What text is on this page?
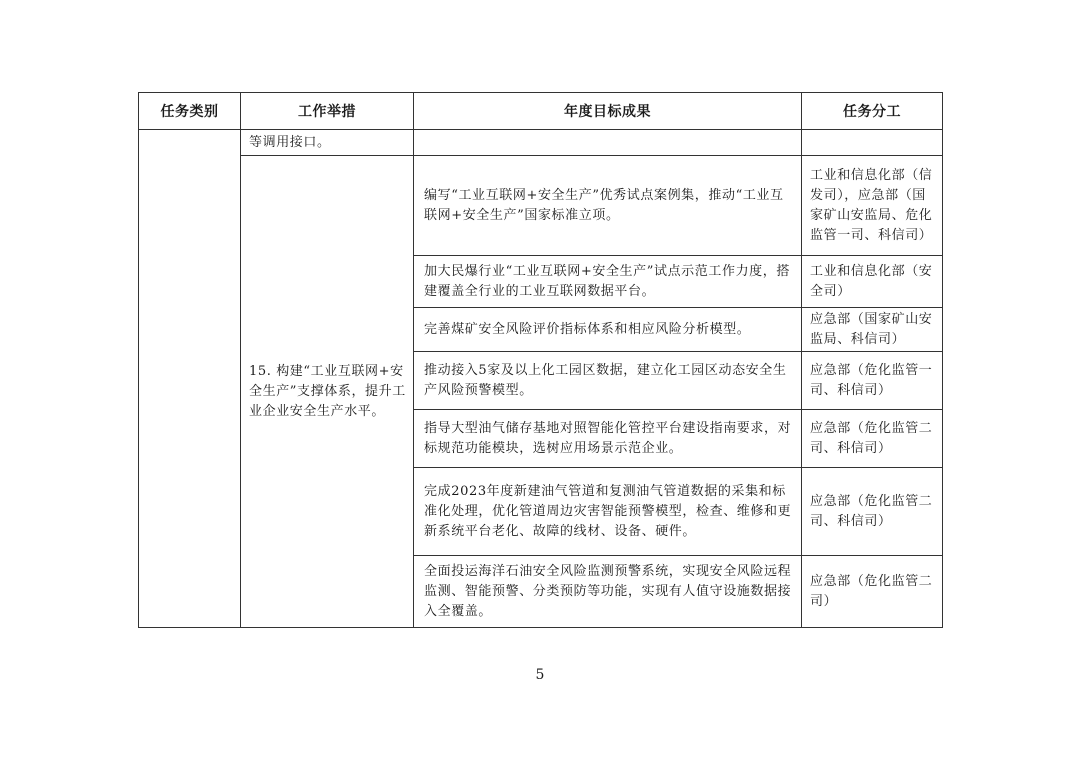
任务类别	工作举措	年度目标成果	任务分工

	等调用接口。		

	15. 构建“工业互联网+安全生产”支撑体系，提升工业企业安全生产水平。	编写“工业互联网+安全生产”优秀试点案例集，推动“工业互联网+安全生产”国家标准立项。	工业和信息化部（信发司），应急部（国家矿山安监局、危化监管一司、科信司）

		加大民爆行业“工业互联网+安全生产”试点示范工作力度，搭建覆盖全行业的工业互联网数据平台。	工业和信息化部（安全司）

		完善煤矿安全风险评价指标体系和相应风险分析模型。	应急部（国家矿山安监局、科信司）

		推动接入5家及以上化工园区数据，建立化工园区动态安全生产风险预警模型。	应急部（危化监管一司、科信司）

		指导大型油气储存基地对照智能化管控平台建设指南要求，对标规范功能模块，选树应用场景示范企业。	应急部（危化监管二司、科信司）

		完成2023年度新建油气管道和复测油气管道数据的采集和标准化处理，优化管道周边灾害智能预警模型，检查、维修和更新系统平台老化、故障的线材、设备、硬件。	应急部（危化监管二司、科信司）

		全面投运海洋石油安全风险监测预警系统，实现安全风险远程监测、智能预警、分类预防等功能，实现有人值守设施数据接入全覆盖。	应急部（危化监管二司）
5
